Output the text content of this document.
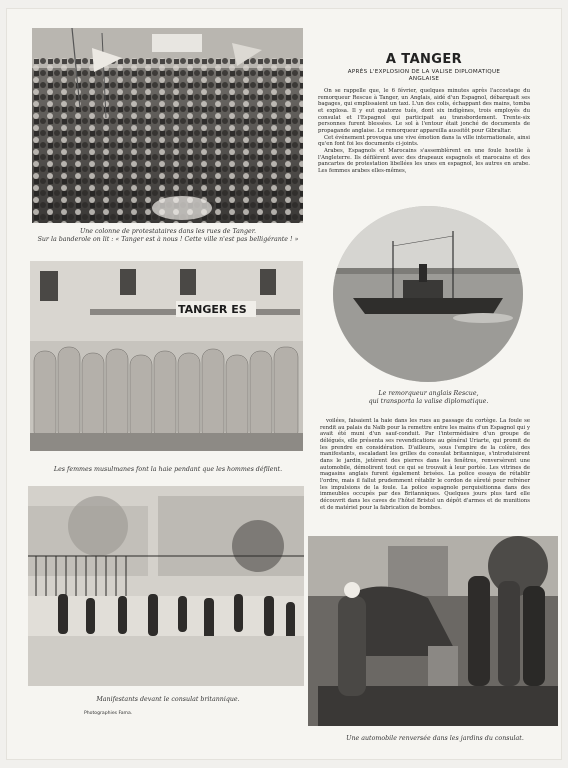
Une colonne de protestataires dans les rues de Tanger.
Sur la banderole on lit : « Tanger est à nous ! Cette ville n'est pas belligérante ! »
A TANGER
APRÈS L'EXPLOSION DE LA VALISE DIPLOMATIQUE
ANGLAISE

On se rappelle que, le 6 février, quelques minutes après l'accostage du remorqueur Rescue à Tanger, un Anglais, aidé d'un Espagnol, débarquait ses bagages, qui emplissaient un taxi. L'un des colis, échappant des mains, tomba et explosa. Il y eut quatorze tués, dont six indigènes, trois employés du consulat et l'Espagnol qui participait au transbordement. Trente-six personnes furent blessées. Le sol à l'entour était jonché de documents de propagande anglaise. Le remorqueur appareilla aussitôt pour Gibraltar.

Cet événement provoqua une vive émotion dans la ville internationale, ainsi qu'en font foi les documents ci-joints.

Arabes, Espagnols et Marocains s'assemblèrent en une foule hostile à l'Angleterre. Ils défilèrent avec des drapeaux espagnols et marocains et des pancartes de protestation libellées les unes en espagnol, les autres en arabe. Les femmes arabes elles-mêmes,

Le remorqueur anglais Rescue,
qui transporta la valise diplomatique.
TANGER ES
Les femmes musulmanes font la haie pendant que les hommes défilent.

voilées, faisaient la haie dans les rues au passage du cortège. La foule se rendit au palais du Naïb pour la remettre entre les mains d'un Espagnol qui y avait été muni d'un sauf-conduit. Par l'intermédiaire d'un groupe de délégués, elle présenta ses revendications au général Uriarte, qui promit de les prendre en considération. D'ailleurs, sous l'empire de la colère, des manifestants, escaladant les grilles du consulat britannique, s'introduisirent dans le jardin, jetèrent des pierres dans les fenêtres, renversèrent une automobile, démolirent tout ce qui se trouvait à leur portée. Les vitrines de magasins anglais furent également brisées. La police essaya de rétablir l'ordre, mais il fallut prudemment rétablir le cordon de sûreté pour refréner les impulsions de la foule. La police espagnole perquisitionna dans des immeubles occupés par des Britanniques. Quelques jours plus tard elle découvrit dans les caves de l'hôtel Bristol un dépôt d'armes et de munitions et de matériel pour la fabrication de bombes.

Manifestants devant le consulat britannique.
Photographies Fama.
Une automobile renversée dans les jardins du consulat.
